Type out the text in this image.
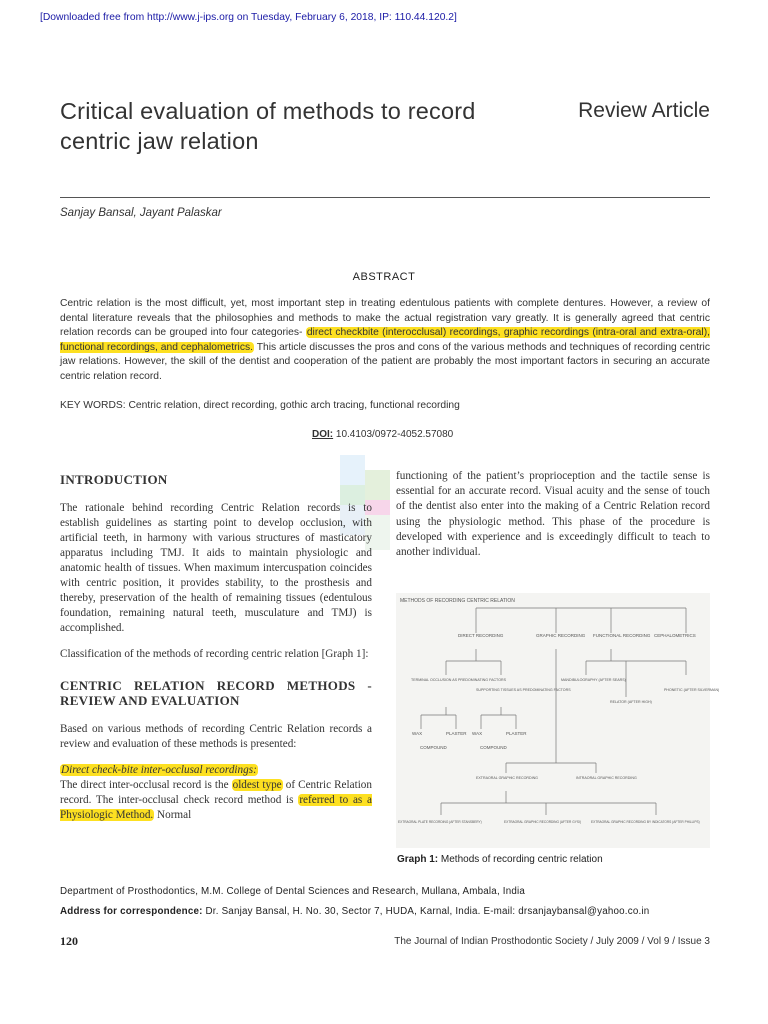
[Downloaded free from http://www.j-ips.org on Tuesday, February 6, 2018, IP: 110.44.120.2]
Critical evaluation of methods to record centric jaw relation
Review Article
Sanjay Bansal, Jayant Palaskar
ABSTRACT
Centric relation is the most difficult, yet, most important step in treating edentulous patients with complete dentures. However, a review of dental literature reveals that the philosophies and methods to make the actual registration vary greatly. It is generally agreed that centric relation records can be grouped into four categories- direct checkbite (interocclusal) recordings, graphic recordings (intra-oral and extra-oral), functional recordings, and cephalometrics. This article discusses the pros and cons of the various methods and techniques of recording centric jaw relations. However, the skill of the dentist and cooperation of the patient are probably the most important factors in securing an accurate centric relation record.
KEY WORDS: Centric relation, direct recording, gothic arch tracing, functional recording
DOI: 10.4103/0972-4052.57080
INTRODUCTION

The rationale behind recording Centric Relation records is to establish guidelines as starting point to develop occlusion, with artificial teeth, in harmony with various structures of masticatory apparatus including TMJ. It aids to maintain physiologic and anatomic health of tissues. When maximum intercuspation coincides with centric position, it provides stability, to the prosthesis and thereby, preservation of the health of remaining tissues (edentulous foundation, remaining natural teeth, musculature and TMJ) is accomplished.

Classification of the methods of recording centric relation [Graph 1]:

CENTRIC RELATION RECORD METHODS - REVIEW AND EVALUATION

Based on various methods of recording Centric Relation records a review and evaluation of these methods is presented:

Direct check-bite inter-occlusal recordings:

The direct inter-occlusal record is the oldest type of Centric Relation record. The inter-occlusal check record method is referred to as a Physiologic Method. Normal

functioning of the patient’s proprioception and the tactile sense is essential for an accurate record. Visual acuity and the sense of touch of the dentist also enter into the making of a Centric Relation record using the physiologic method. This phase of the procedure is developed with experience and is exceedingly difficult to teach to another individual.
METHODS OF RECORDING CENTRIC RELATION
DIRECT RECORDING	GRAPHIC RECORDING FUNCTIONAL RECORDING CEPHALOMETRICS
TERMINAL OCCLUSION AS PREDOMINATING FACTORS
SUPPORTING TISSUES AS PREDOMINATING FACTORS
MANDIBULOGRAPHY (AFTER SEARS)
PHONETIC (AFTER SILVERMAN)
RELATOR (AFTER HIGH)
WAX	PLASTER WAX	PLASTER
COMPOUND	COMPOUND
EXTRAORAL GRAPHIC RECORDING	INTRAORAL GRAPHIC RECORDING
EXTRAORAL PLATE RECORDING (AFTER STANSBERY)	EXTRAORAL GRAPHIC RECORDING (AFTER GYSI)	EXTRAORAL GRAPHIC RECORDING BY INDICATORS (AFTER PHILLIPS)
Graph 1: Methods of recording centric relation
Department of Prosthodontics, M.M. College of Dental Sciences and Research, Mullana, Ambala, India
Address for correspondence: Dr. Sanjay Bansal, H. No. 30, Sector 7, HUDA, Karnal, India. E-mail: drsanjaybansal@yahoo.co.in
120	The Journal of Indian Prosthodontic Society / July 2009 / Vol 9 / Issue 3
